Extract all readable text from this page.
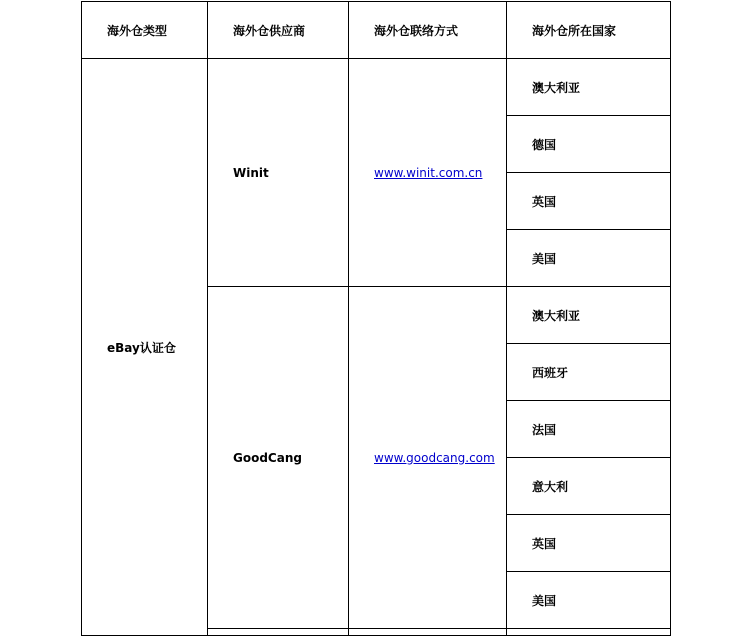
海外仓类型	海外仓供应商	海外仓联络方式	海外仓所在国家
eBay认证仓	Winit	www.winit.com.cn	澳大利亚
			德国
			英国
			美国
	GoodCang	www.goodcang.com	澳大利亚
			西班牙
			法国
			意大利
			英国
			美国
